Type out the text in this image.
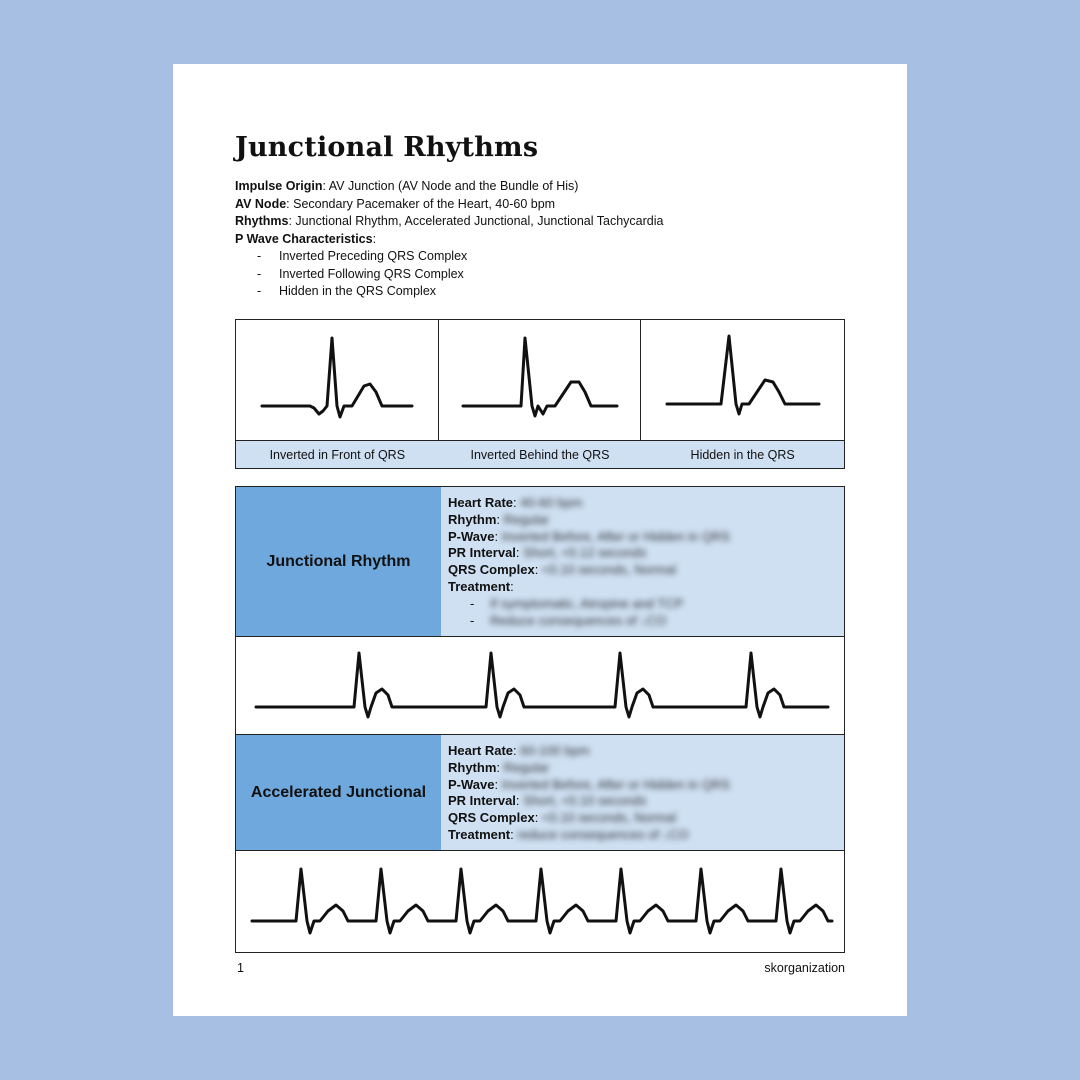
Junctional Rhythms
Impulse Origin: AV Junction (AV Node and the Bundle of His)
AV Node: Secondary Pacemaker of the Heart, 40-60 bpm
Rhythms: Junctional Rhythm, Accelerated Junctional, Junctional Tachycardia
P Wave Characteristics:
- Inverted Preceding QRS Complex
- Inverted Following QRS Complex
- Hidden in the QRS Complex
Inverted in Front of QRS	Inverted Behind the QRS	Hidden in the QRS
Junctional Rhythm
Heart Rate: 40-60 bpm
Rhythm: Regular
P-Wave: Inverted Before, After or Hidden in QRS
PR Interval: Short, <0.12 seconds
QRS Complex: <0.10 seconds, Normal
Treatment:
- If symptomatic, Atropine and TCP
- Reduce consequences of ↓CO
Accelerated Junctional
Heart Rate: 60-100 bpm
Rhythm: Regular
P-Wave: Inverted Before, After or Hidden in QRS
PR Interval: Short, <0.10 seconds
QRS Complex: <0.10 seconds, Normal
Treatment: reduce consequences of ↓CO
1	skorganization
